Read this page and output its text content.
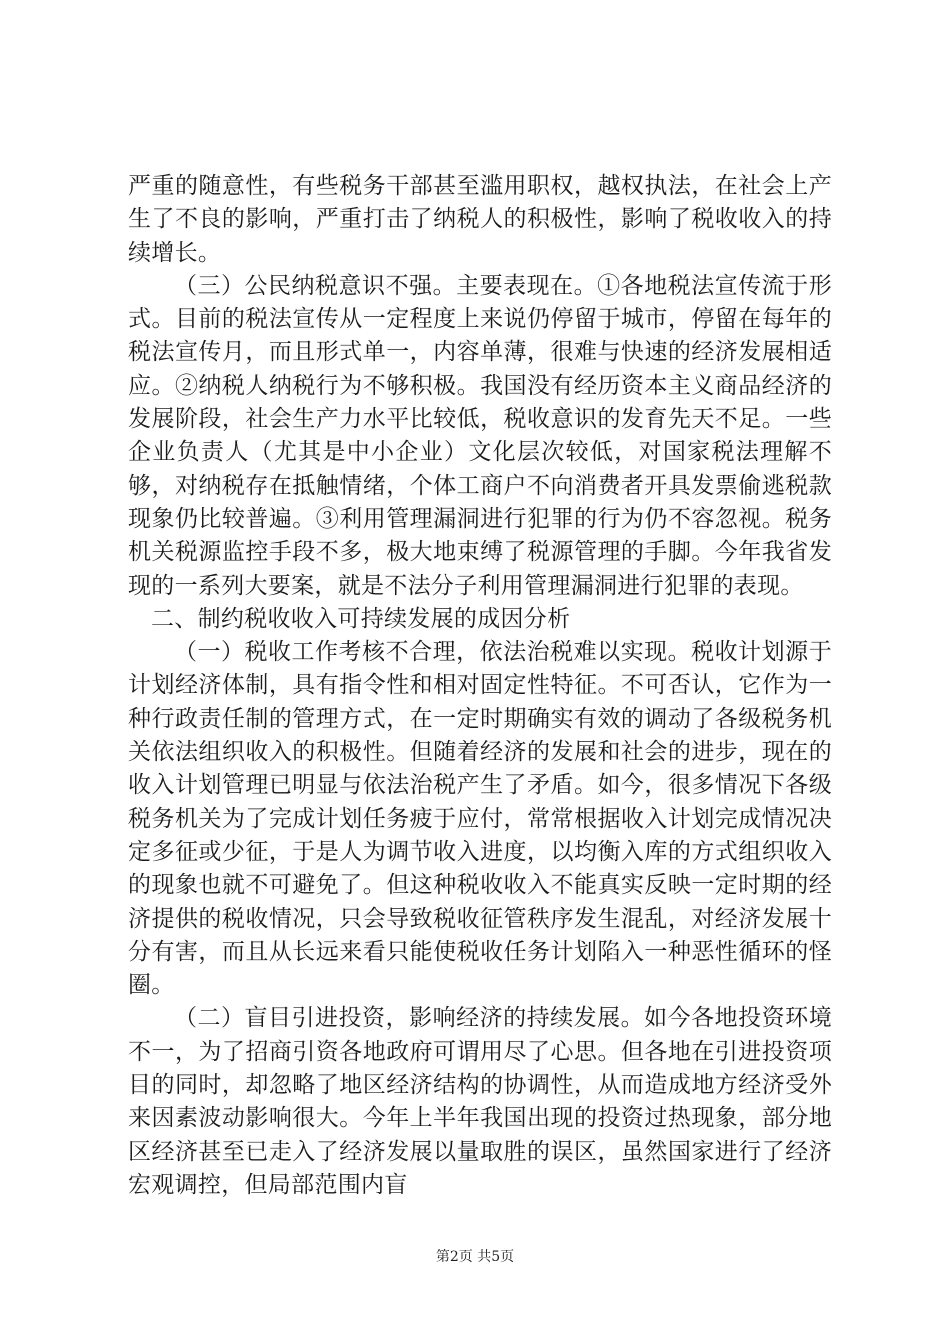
严重的随意性，有些税务干部甚至滥用职权，越权执法，在社会上产生了不良的影响，严重打击了纳税人的积极性，影响了税收收入的持续增长。

（三）公民纳税意识不强。主要表现在。①各地税法宣传流于形式。目前的税法宣传从一定程度上来说仍停留于城市，停留在每年的税法宣传月，而且形式单一，内容单薄，很难与快速的经济发展相适应。②纳税人纳税行为不够积极。我国没有经历资本主义商品经济的发展阶段，社会生产力水平比较低，税收意识的发育先天不足。一些企业负责人（尤其是中小企业）文化层次较低，对国家税法理解不够，对纳税存在抵触情绪，个体工商户不向消费者开具发票偷逃税款现象仍比较普遍。③利用管理漏洞进行犯罪的行为仍不容忽视。税务机关税源监控手段不多，极大地束缚了税源管理的手脚。今年我省发现的一系列大要案，就是不法分子利用管理漏洞进行犯罪的表现。

二、制约税收收入可持续发展的成因分析

（一）税收工作考核不合理，依法治税难以实现。税收计划源于计划经济体制，具有指令性和相对固定性特征。不可否认，它作为一种行政责任制的管理方式，在一定时期确实有效的调动了各级税务机关依法组织收入的积极性。但随着经济的发展和社会的进步，现在的收入计划管理已明显与依法治税产生了矛盾。如今，很多情况下各级税务机关为了完成计划任务疲于应付，常常根据收入计划完成情况决定多征或少征，于是人为调节收入进度，以均衡入库的方式组织收入的现象也就不可避免了。但这种税收收入不能真实反映一定时期的经济提供的税收情况，只会导致税收征管秩序发生混乱，对经济发展十分有害，而且从长远来看只能使税收任务计划陷入一种恶性循环的怪圈。

（二）盲目引进投资，影响经济的持续发展。如今各地投资环境不一，为了招商引资各地政府可谓用尽了心思。但各地在引进投资项目的同时，却忽略了地区经济结构的协调性，从而造成地方经济受外来因素波动影响很大。今年上半年我国出现的投资过热现象，部分地区经济甚至已走入了经济发展以量取胜的误区，虽然国家进行了经济宏观调控，但局部范围内盲

第2页 共5页
